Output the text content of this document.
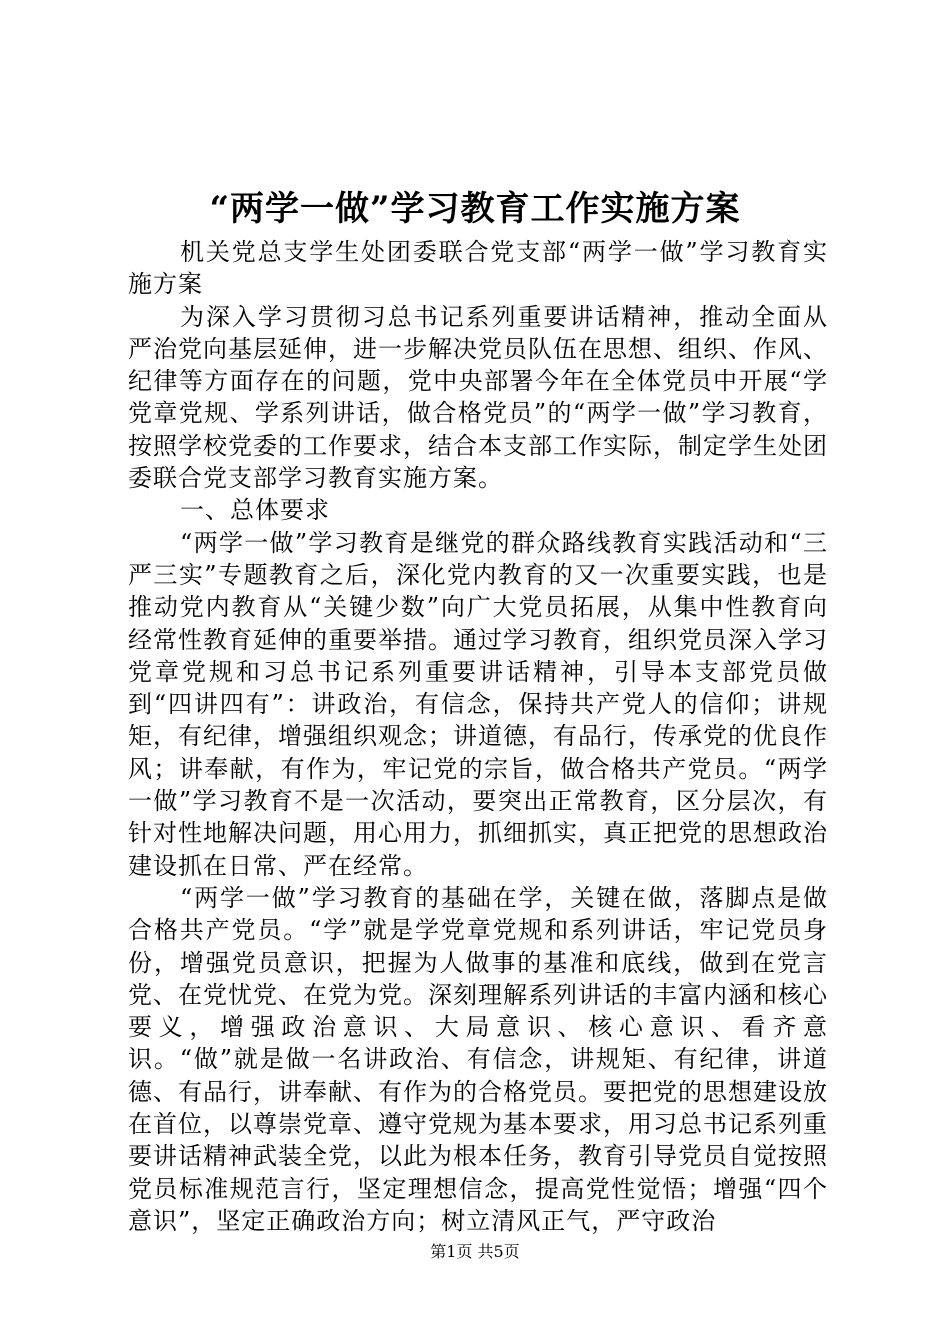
“两学一做”学习教育工作实施方案

机关党总支学生处团委联合党支部“两学一做”学习教育实施方案

为深入学习贯彻习总书记系列重要讲话精神，推动全面从严治党向基层延伸，进一步解决党员队伍在思想、组织、作风、纪律等方面存在的问题，党中央部署今年在全体党员中开展“学党章党规、学系列讲话，做合格党员”的“两学一做”学习教育，按照学校党委的工作要求，结合本支部工作实际，制定学生处团委联合党支部学习教育实施方案。

一、总体要求

“两学一做”学习教育是继党的群众路线教育实践活动和“三严三实”专题教育之后，深化党内教育的又一次重要实践，也是推动党内教育从“关键少数”向广大党员拓展，从集中性教育向经常性教育延伸的重要举措。通过学习教育，组织党员深入学习党章党规和习总书记系列重要讲话精神，引导本支部党员做到“四讲四有”：讲政治，有信念，保持共产党人的信仰；讲规矩，有纪律，增强组织观念；讲道德，有品行，传承党的优良作风；讲奉献，有作为，牢记党的宗旨，做合格共产党员。“两学一做”学习教育不是一次活动，要突出正常教育，区分层次，有针对性地解决问题，用心用力，抓细抓实，真正把党的思想政治建设抓在日常、严在经常。

“两学一做”学习教育的基础在学，关键在做，落脚点是做合格共产党员。“学”就是学党章党规和系列讲话，牢记党员身份，增强党员意识，把握为人做事的基准和底线，做到在党言党、在党忧党、在党为党。深刻理解系列讲话的丰富内涵和核心要义，增强政治意识、大局意识、核心意识、看齐意识。“做”就是做一名讲政治、有信念，讲规矩、有纪律，讲道德、有品行，讲奉献、有作为的合格党员。要把党的思想建设放在首位，以尊崇党章、遵守党规为基本要求，用习总书记系列重要讲话精神武装全党，以此为根本任务，教育引导党员自觉按照党员标准规范言行，坚定理想信念，提高党性觉悟；增强“四个意识”，坚定正确政治方向；树立清风正气，严守政治

第1页 共5页
